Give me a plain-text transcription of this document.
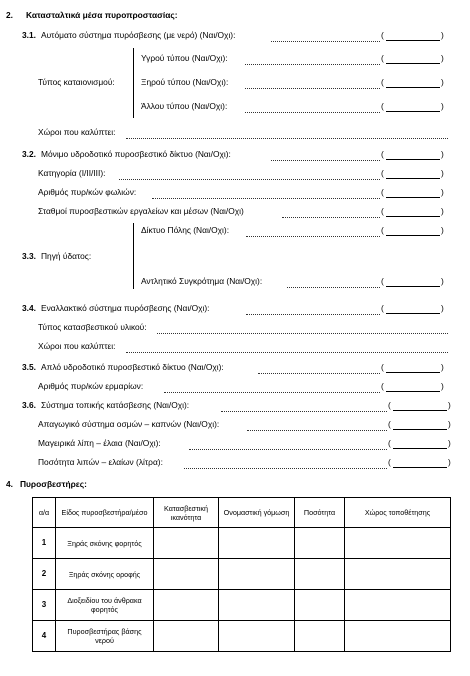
2. Κατασταλτικά μέσα πυροπροστασίας:
3.1. Αυτόματο σύστημα πυρόσβεσης (με νερό) (Ναι/Οχι):	(	)
Τύπος καταιονισμού:
Υγρού τύπου (Ναι/Οχι):	(	)
Ξηρού τύπου (Ναι/Οχι):	(	)
Άλλου τύπου (Ναι/Οχι):	(	)
Χώροι που καλύπτει:
3.2. Μόνιμο υδροδοτικό πυροσβεστικό δίκτυο (Ναι/Οχι):	(	)
Κατηγορία (Ι/ΙΙ/ΙΙΙ):	(	)
Αριθμός πυρ/κών φωλιών:	(	)
Σταθμοί πυροσβεστικών εργαλείων και μέσων (Ναι/Οχι)	(	)
Δίκτυο Πόλης (Ναι/Οχι):	(	)
3.3. Πηγή ύδατος:
Αντλητικό Συγκρότημα (Ναι/Οχι):	(	)
3.4. Εναλλακτικό σύστημα πυρόσβεσης (Ναι/Οχι):	(	)
Τύπος κατασβεστικού υλικού:
Χώροι που καλύπτει:
3.5. Απλό υδροδοτικό πυροσβεστικό δίκτυο (Ναι/Οχι):	(	)
Αριθμός πυρ/κών ερμαρίων:	(	)
3.6. Σύστημα τοπικής κατάσβεσης (Ναι/Οχι):	(	)
Απαγωγικό σύστημα οσμών – καπνών (Ναι/Οχι):	(	)
Μαγειρικά λίπη – έλαια (Ναι/Οχι):	(	)
Ποσότητα λιπών – ελαίων (λίτρα):	(	)
4. Πυροσβεστήρες:
α/α	Είδος πυροσβεστήρα/μέσο	Κατασβεστική ικανότητα	Ονομαστική γόμωση	Ποσότητα	Χώρος τοποθέτησης
1	Ξηράς σκόνης φορητός				
2	Ξηράς σκόνης οροφής				
3	Διοξειδίου του άνθρακα φορητός				
4	Πυροσβεστήρας βάσης νερού				
